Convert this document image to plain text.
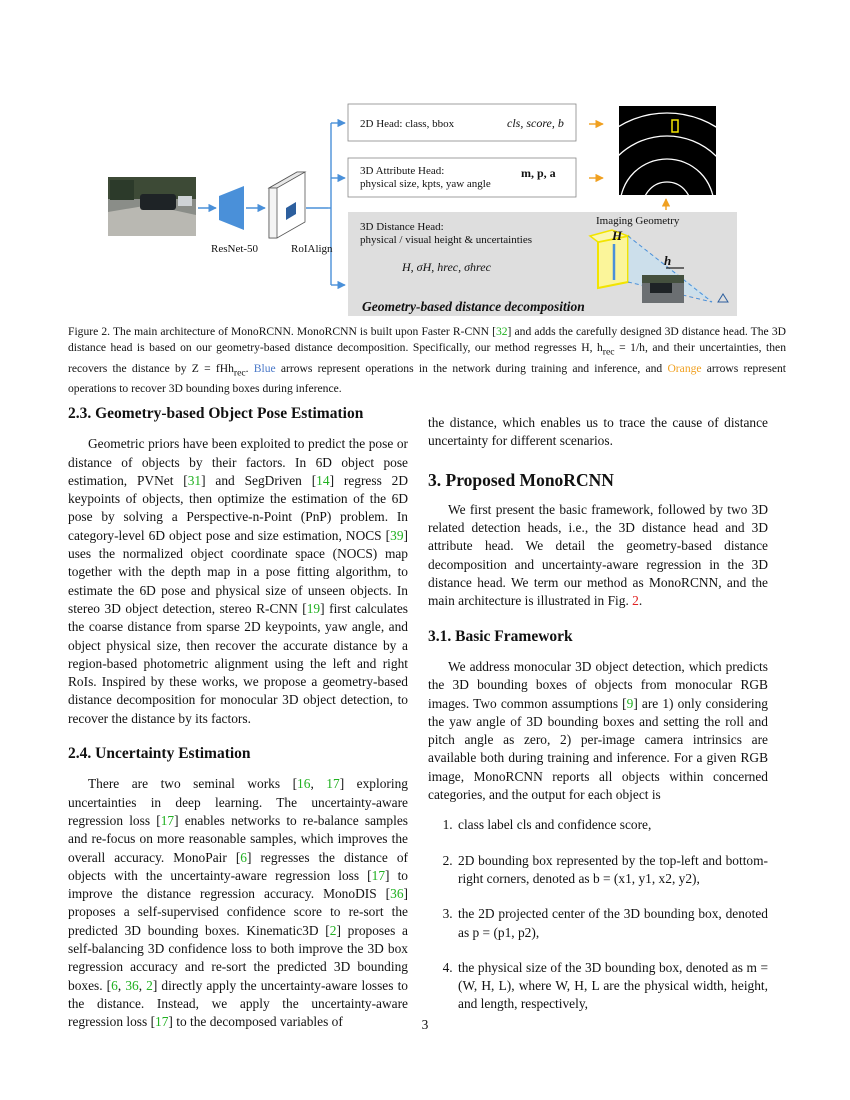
ResNet-50	RoIAlign
2D Head: class, bbox	cls, score, b
3D Attribute Head:
physical size, kpts, yaw angle
m, p, a
3D Distance Head:
physical / visual height & uncertainties
H, σH, hrec, σhrec
Imaging Geometry
H
h
Geometry-based distance decomposition
Figure 2. The main architecture of MonoRCNN. MonoRCNN is built upon Faster R-CNN [32] and adds the carefully designed 3D distance head. The 3D distance head is based on our geometry-based distance decomposition. Specifically, our method regresses H, $h_{rec} = 1/h$, and their uncertainties, then recovers the distance by Z = fHh$_{rec}$. Blue arrows represent operations in the network during training and inference, and Orange arrows represent operations to recover 3D bounding boxes during inference.
2.3. Geometry-based Object Pose Estimation

Geometric priors have been exploited to predict the pose or distance of objects by their factors. In 6D object pose estimation, PVNet [31] and SegDriven [14] regress 2D keypoints of objects, then optimize the estimation of the 6D pose by solving a Perspective-n-Point (PnP) problem. In category-level 6D object pose and size estimation, NOCS [39] uses the normalized object coordinate space (NOCS) map together with the depth map in a pose fitting algorithm, to estimate the 6D pose and physical size of unseen objects. In stereo 3D object detection, stereo R-CNN [19] first calculates the coarse distance from sparse 2D keypoints, yaw angle, and object physical size, then recover the accurate distance by a region-based photometric alignment using the left and right RoIs. Inspired by these works, we propose a geometry-based distance decomposition for monocular 3D object detection, to recover the distance by its factors.

2.4. Uncertainty Estimation

There are two seminal works [16, 17] exploring uncertainties in deep learning. The uncertainty-aware regression loss [17] enables networks to re-balance samples and re-focus on more reasonable samples, which improves the overall accuracy. MonoPair [6] regresses the distance of objects with the uncertainty-aware regression loss [17] to improve the distance regression accuracy. MonoDIS [36] proposes a self-supervised confidence score to re-sort the predicted 3D bounding boxes. Kinematic3D [2] proposes a self-balancing 3D confidence loss to both improve the 3D box regression accuracy and re-sort the predicted 3D bounding boxes. [6, 36, 2] directly apply the uncertainty-aware losses to the distance. Instead, we apply the uncertainty-aware regression loss [17] to the decomposed variables of

the distance, which enables us to trace the cause of distance uncertainty for different scenarios.

3. Proposed MonoRCNN

We first present the basic framework, followed by two 3D related detection heads, i.e., the 3D distance head and 3D attribute head. We detail the geometry-based distance decomposition and uncertainty-aware regression in the 3D distance head. We term our method as MonoRCNN, and the main architecture is illustrated in Fig. 2.

3.1. Basic Framework

We address monocular 3D object detection, which predicts the 3D bounding boxes of objects from monocular RGB images. Two common assumptions [9] are 1) only considering the yaw angle of 3D bounding boxes and setting the roll and pitch angle as zero, 2) per-image camera intrinsics are available both during training and inference. For a given RGB image, MonoRCNN reports all objects within concerned categories, and the output for each object is

1. class label cls and confidence score,
2. 2D bounding box represented by the top-left and bottom-right corners, denoted as b = (x1, y1, x2, y2),
3. the 2D projected center of the 3D bounding box, denoted as p = (p1, p2),
4. the physical size of the 3D bounding box, denoted as m = (W, H, L), where W, H, L are the physical width, height, and length, respectively,
3
